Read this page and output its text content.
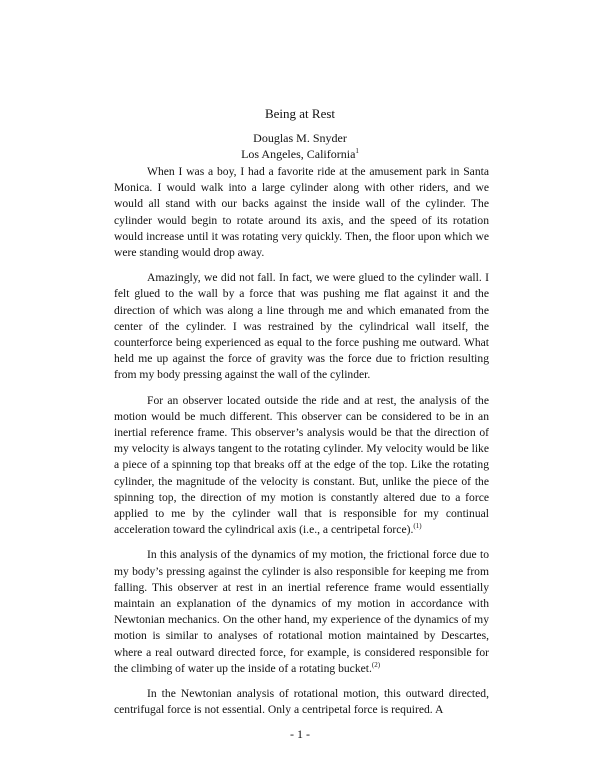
Being at Rest
Douglas M. Snyder
Los Angeles, California$^1$

When I was a boy, I had a favorite ride at the amusement park in Santa Monica. I would walk into a large cylinder along with other riders, and we would all stand with our backs against the inside wall of the cylinder. The cylinder would begin to rotate around its axis, and the speed of its rotation would increase until it was rotating very quickly. Then, the floor upon which we were standing would drop away.

Amazingly, we did not fall. In fact, we were glued to the cylinder wall. I felt glued to the wall by a force that was pushing me flat against it and the direction of which was along a line through me and which emanated from the center of the cylinder. I was restrained by the cylindrical wall itself, the counterforce being experienced as equal to the force pushing me outward. What held me up against the force of gravity was the force due to friction resulting from my body pressing against the wall of the cylinder.

For an observer located outside the ride and at rest, the analysis of the motion would be much different. This observer can be considered to be in an inertial reference frame. This observer’s analysis would be that the direction of my velocity is always tangent to the rotating cylinder. My velocity would be like a piece of a spinning top that breaks off at the edge of the top. Like the rotating cylinder, the magnitude of the velocity is constant. But, unlike the piece of the spinning top, the direction of my motion is constantly altered due to a force applied to me by the cylinder wall that is responsible for my continual acceleration toward the cylindrical axis (i.e., a centripetal force).$^{(1)}$

In this analysis of the dynamics of my motion, the frictional force due to my body’s pressing against the cylinder is also responsible for keeping me from falling. This observer at rest in an inertial reference frame would essentially maintain an explanation of the dynamics of my motion in accordance with Newtonian mechanics. On the other hand, my experience of the dynamics of my motion is similar to analyses of rotational motion maintained by Descartes, where a real outward directed force, for example, is considered responsible for the climbing of water up the inside of a rotating bucket.$^{(2)}$

In the Newtonian analysis of rotational motion, this outward directed, centrifugal force is not essential. Only a centripetal force is required. A

- 1 -
